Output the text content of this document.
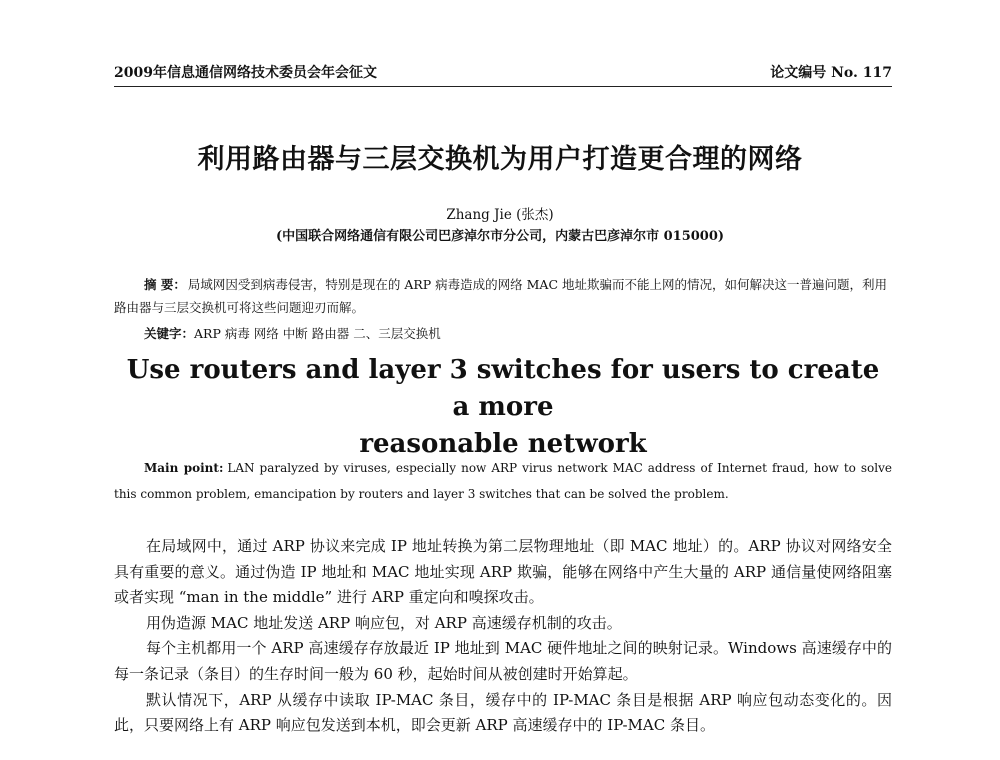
2009年信息通信网络技术委员会年会征文	论文编号 No. 117
利用路由器与三层交换机为用户打造更合理的网络
Zhang Jie (张杰)
(中国联合网络通信有限公司巴彦淖尔市分公司，内蒙古巴彦淖尔市 015000)
摘 要： 局域网因受到病毒侵害，特别是现在的 ARP 病毒造成的网络 MAC 地址欺骗而不能上网的情况，如何解决这一普遍问题，利用路由器与三层交换机可将这些问题迎刃而解。
关键字：ARP 病毒 网络 中断 路由器 二、三层交换机
Use routers and layer 3 switches for users to create a more
reasonable network
Main point: LAN paralyzed by viruses, especially now ARP virus network MAC address of Internet fraud, how to solve this common problem, emancipation by routers and layer 3 switches that can be solved the problem.

在局域网中，通过 ARP 协议来完成 IP 地址转换为第二层物理地址（即 MAC 地址）的。ARP 协议对网络安全具有重要的意义。通过伪造 IP 地址和 MAC 地址实现 ARP 欺骗，能够在网络中产生大量的 ARP 通信量使网络阻塞或者实现 “man in the middle” 进行 ARP 重定向和嗅探攻击。

用伪造源 MAC 地址发送 ARP 响应包，对 ARP 高速缓存机制的攻击。

每个主机都用一个 ARP 高速缓存存放最近 IP 地址到 MAC 硬件地址之间的映射记录。Windows 高速缓存中的每一条记录（条目）的生存时间一般为 60 秒，起始时间从被创建时开始算起。

默认情况下，ARP 从缓存中读取 IP-MAC 条目，缓存中的 IP-MAC 条目是根据 ARP 响应包动态变化的。因此，只要网络上有 ARP 响应包发送到本机，即会更新 ARP 高速缓存中的 IP-MAC 条目。
